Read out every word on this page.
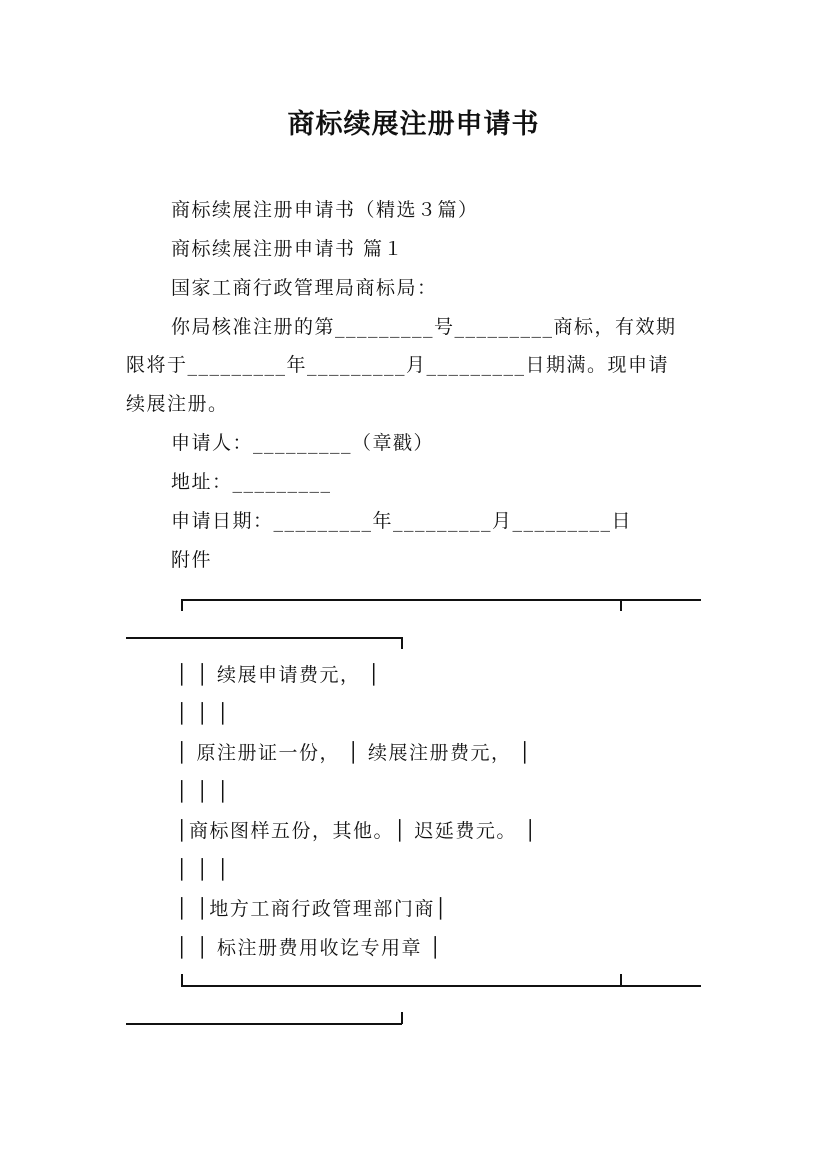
商标续展注册申请书
商标续展注册申请书（精选３篇）
商标续展注册申请书 篇１
国家工商行政管理局商标局：
你局核准注册的第_________号_________商标，有效期
限将于_________年_________月_________日期满。现申请
续展注册。
申请人：_________（章戳）
地址：_________
申请日期：_________年_________月_________日
附件
│ │ 续展申请费元， │
│ │ │
│ 原注册证一份， │ 续展注册费元， │
│ │ │
│商标图样五份，其他。│ 迟延费元。 │
│ │ │
│ │地方工商行政管理部门商│
│ │ 标注册费用收讫专用章 │
